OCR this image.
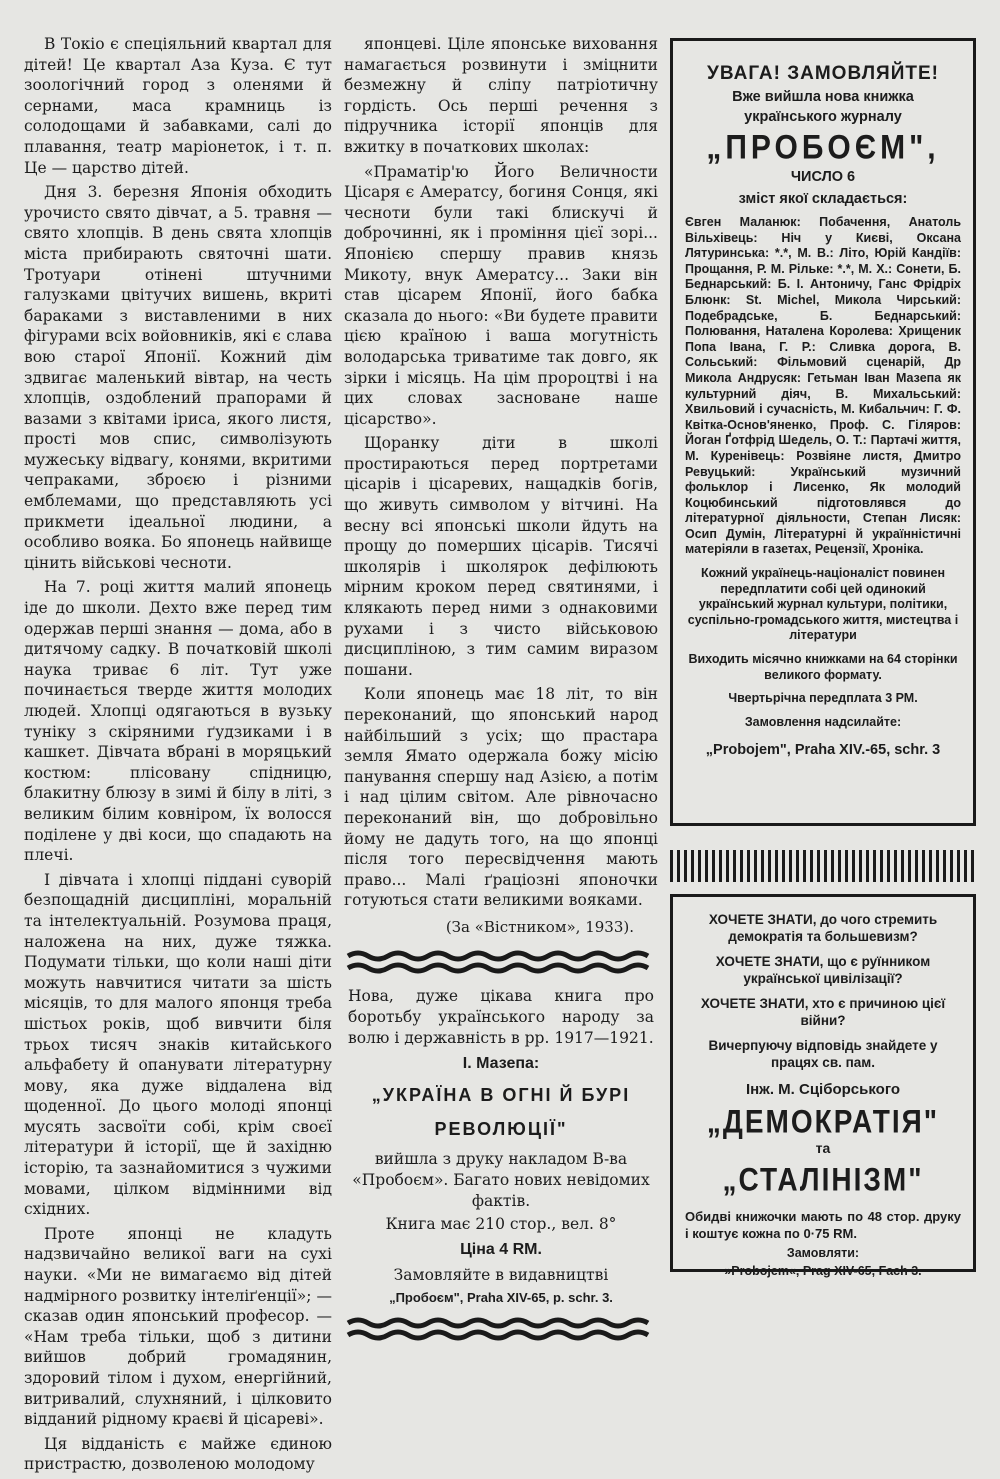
В Токіо є спеціяльний квартал для дітей! Це квартал Аза Куза. Є тут зоологічний город з оленями й сернами, маса крамниць із солодощами й забавками, салі до плавання, театр маріонеток, і т. п. Це — царство дітей.

Дня 3. березня Японія обходить урочисто свято дівчат, а 5. травня — свято хлопців. В день свята хлопців міста прибирають святочні шати. Тротуари отінені штучними галузками цвітучих вишень, вкриті бараками з виставленими в них фігурами всіх войовників, які є слава вою старої Японії. Кожний дім здвигає маленький вівтар, на честь хлопців, оздоблений прапорами й вазами з квітами іриса, якого листя, прості мов спис, символізують мужеську відвагу, конями, вкритими чепраками, зброєю і різними емблемами, що представляють усі прикмети ідеальної людини, а особливо вояка. Бо японець найвище цінить військові чесноти.

На 7. році життя малий японець іде до школи. Дехто вже перед тим одержав перші знання — дома, або в дитячому садку. В початковій школі наука триває 6 літ. Тут уже починається тверде життя молодих людей. Хлопці одягаються в вузьку туніку з скіряними ґудзиками і в кашкет. Дівчата вбрані в моряцький костюм: плісовану спідницю, блакитну блюзу в зимі й білу в літі, з великим білим ковніром, їх волосся поділене у дві коси, що спадають на плечі.

І дівчата і хлопці піддані суворій безпощадній дисципліні, моральній та інтелектуальній. Розумова праця, наложена на них, дуже тяжка. Подумати тільки, що коли наші діти можуть навчитися читати за шість місяців, то для малого японця треба шістьох років, щоб вивчити біля трьох тисяч знаків китайського альфабету й опанувати літературну мову, яка дуже віддалена від щоденної. До цього молоді японці мусять засвоїти собі, крім своєї літератури й історії, ще й західню історію, та зазнайомитися з чужими мовами, цілком відмінними від східних.

Проте японці не кладуть надзвичайно великої ваги на сухі науки. «Ми не вимагаємо від дітей надмірного розвитку інтеліґенції»; — сказав один японський професор. — «Нам треба тільки, щоб з дитини вийшов добрий громадянин, здоровий тілом і духом, енергійний, витривалий, слухняний, і цілковито відданий рідному краєві й цісареві».

Ця відданість є майже єдиною пристрастю, дозволеною молодому

японцеві. Ціле японське виховання намагається розвинути і зміцнити безмежну й сліпу патріотичну гордість. Ось перші речення з підручника історії японців для вжитку в початкових школах:

«Праматір'ю Його Величности Цісаря є Амератсу, богиня Сонця, які чесноти були такі блискучі й доброчинні, як і проміння цієї зорі... Японією спершу правив князь Микоту, внук Амератсу... Заки він став цісарем Японії, його бабка сказала до нього: «Ви будете правити цією країною і ваша могутність володарська триватиме так довго, як зірки і місяць. На цім пророцтві і на цих словах засноване наше цісарство».

Щоранку діти в школі простираються перед портретами цісарів і цісаревих, нащадків богів, що живуть символом у вітчині. На весну всі японські школи йдуть на прощу до померших цісарів. Тисячі школярів і школярок дефілюють мірним кроком перед святинями, і клякають перед ними з однаковими рухами і з чисто військовою дисципліною, з тим самим виразом пошани.

Коли японець має 18 літ, то він переконаний, що японський народ найбільший з усіх; що прастара земля Ямато одержала божу місію панування спершу над Азією, а потім і над цілим світом. Але рівночасно переконаний він, що добровільно йому не дадуть того, на що японці після того пересвідчення мають право... Малі ґраціозні японочки готуються стати великими вояками.

(За «Вістником», 1933).

Нова, дуже цікава книга про боротьбу українського народу за волю і державність в рр. 1917—1921.

І. Мазепа:
„УКРАЇНА В ОГНІ Й БУРІ
РЕВОЛЮЦІЇ"
вийшла з друку накладом В-ва «Пробоєм». Багато нових невідомих фактів.
Книга має 210 стор., вел. 8°
Ціна 4 RM.
Замовляйте в видавництві
„Пробоєм", Praha XIV-65, p. schr. 3.
УВАГА! ЗАМОВЛЯЙТЕ!
Вже вийшла нова книжка українського журналу
„ПРОБОЄМ",
ЧИСЛО 6
зміст якої складається:
Євген Маланюк: Побачення, Анатоль Вільхівець: Ніч у Києві, Оксана Лятуринська: *.*, М. В.: Літо, Юрій Кандіїв: Прощання, Р. М. Рільке: *.*, М. Х.: Сонети, Б. Беднарський: Б. І. Антоничу, Ганс Фрідріх Блюнк: St. Michel, Микола Чирський: Подебрадське, Б. Беднарський: Полювання, Наталена Королева: Хрищеник Попа Івана, Г. Р.: Сливка дорога, В. Сольський: Фільмовий сценарій, Др Микола Андрусяк: Гетьман Іван Мазепа як культурний діяч, В. Михальський: Хвильовий і сучасність, М. Кибальчич: Г. Ф. Квітка-Основ'яненко, Проф. С. Гіляров: Йоган Ґотфрід Шедель, О. Т.: Партачі життя, М. Куренівець: Розвіяне листя, Дмитро Ревуцький: Український музичний фольклор і Лисенко, Як молодий Коцюбинський підготовлявся до літературної діяльности, Степан Лисяк: Осип Думін, Літературні й українністичні матеріяли в газетах, Рецензії, Хроніка.
Кожний українець-націоналіст повинен передплатити собі цей одинокий український журнал культури, політики, суспільно-громадського життя, мистецтва і літератури
Виходить місячно книжками на 64 сторінки великого формату.
Чвертьрічна передплата 3 РМ.
Замовлення надсилайте:
„Probojem", Praha XIV.-65, schr. 3
ХОЧЕТЕ ЗНАТИ, до чого стремить демократія та большевизм?
ХОЧЕТЕ ЗНАТИ, що є руїнником української цивілізації?
ХОЧЕТЕ ЗНАТИ, хто є причиною цієї війни?
Вичерпуючу відповідь знайдете у працях св. пам.
Інж. М. Сціборського
„ДЕМОКРАТІЯ"
та
„СТАЛІНІЗМ"
Обидві книжочки мають по 48 стор. друку і коштує кожна по 0·75 RM.
Замовляти:
»Probojem«, Prag XIV-65, Fach 3.
